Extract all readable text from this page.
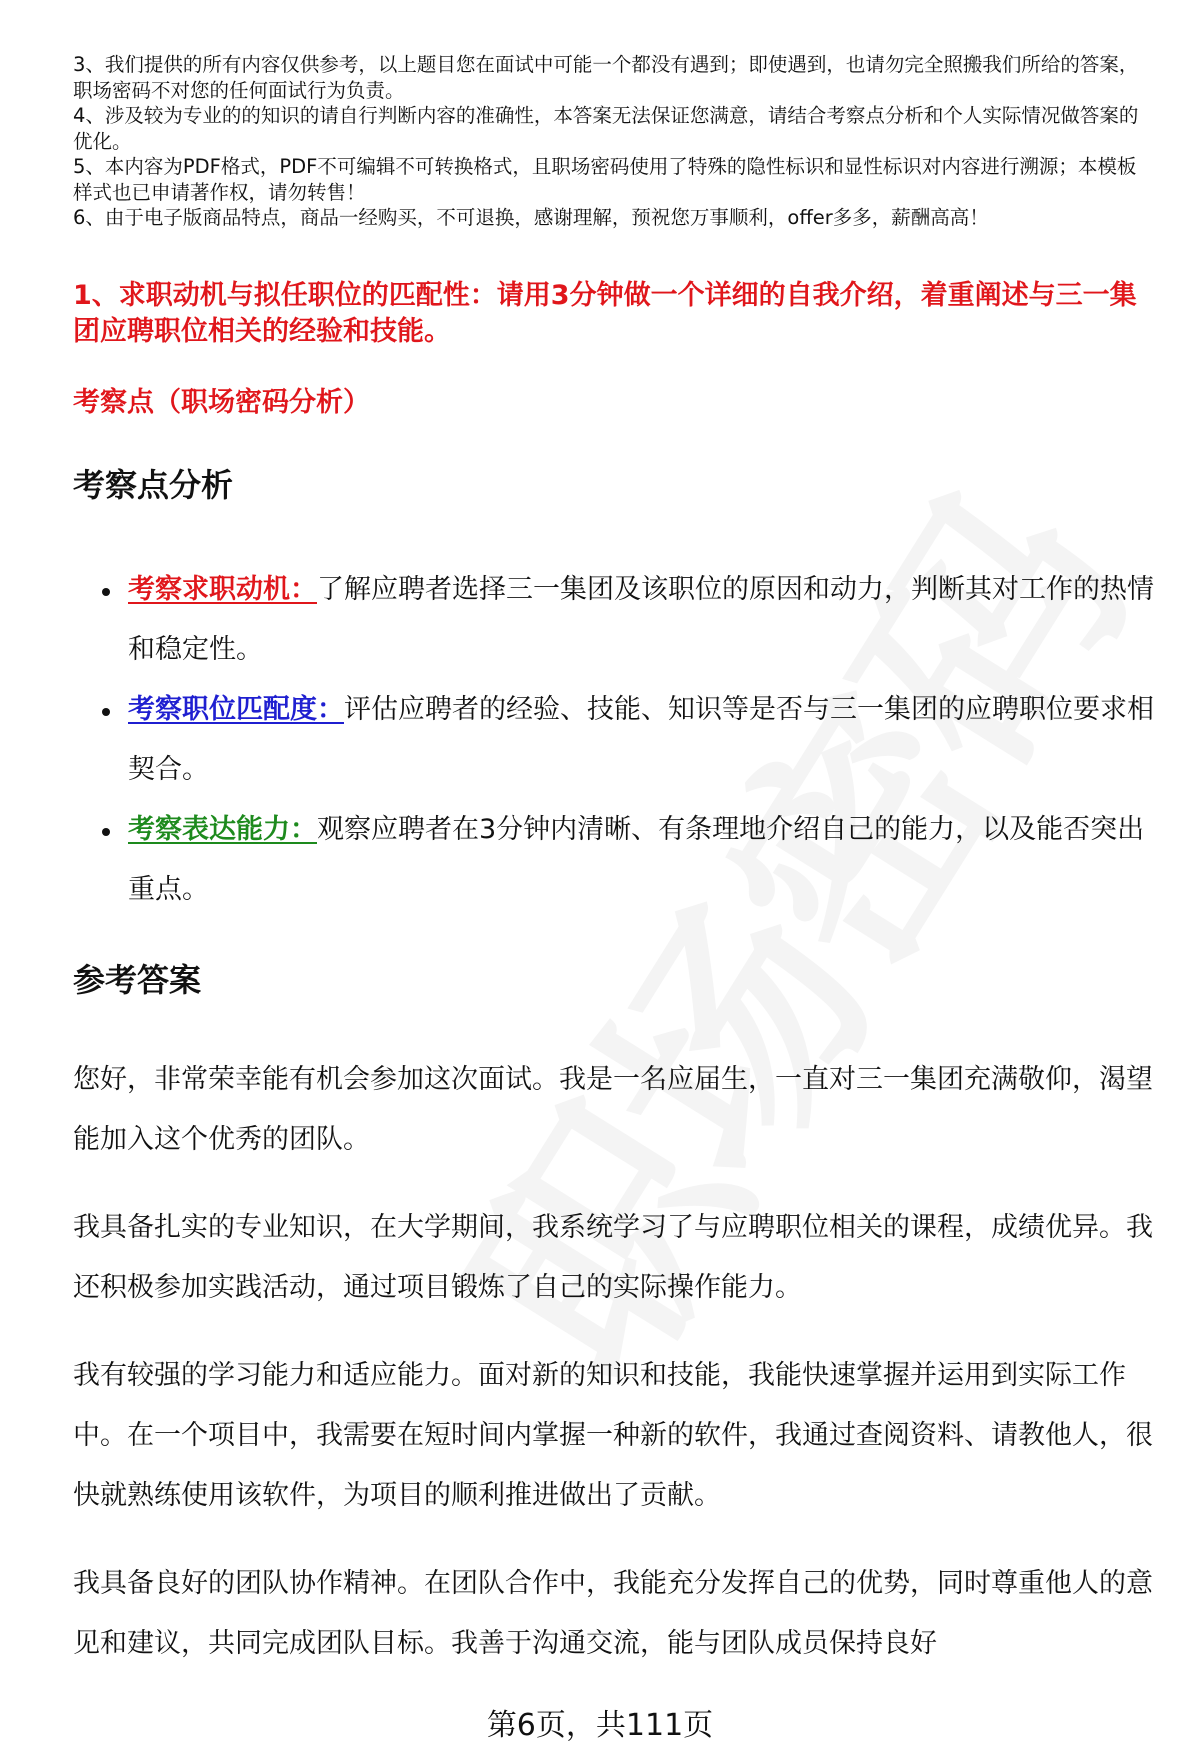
3、我们提供的所有内容仅供参考，以上题目您在面试中可能一个都没有遇到；即使遇到，也请勿完全照搬我们所给的答案，职场密码不对您的任何面试行为负责。
4、涉及较为专业的的知识的请自行判断内容的准确性，本答案无法保证您满意，请结合考察点分析和个人实际情况做答案的优化。
5、本内容为PDF格式，PDF不可编辑不可转换格式，且职场密码使用了特殊的隐性标识和显性标识对内容进行溯源；本模板样式也已申请著作权，请勿转售！
6、由于电子版商品特点，商品一经购买，不可退换，感谢理解，预祝您万事顺利，offer多多，薪酬高高！
1、求职动机与拟任职位的匹配性：请用3分钟做一个详细的自我介绍，着重阐述与三一集团应聘职位相关的经验和技能。
考察点（职场密码分析）
考察点分析
考察求职动机：了解应聘者选择三一集团及该职位的原因和动力，判断其对工作的热情和稳定性。
考察职位匹配度：评估应聘者的经验、技能、知识等是否与三一集团的应聘职位要求相契合。
考察表达能力：观察应聘者在3分钟内清晰、有条理地介绍自己的能力，以及能否突出重点。
参考答案
您好，非常荣幸能有机会参加这次面试。我是一名应届生，一直对三一集团充满敬仰，渴望能加入这个优秀的团队。
我具备扎实的专业知识，在大学期间，我系统学习了与应聘职位相关的课程，成绩优异。我还积极参加实践活动，通过项目锻炼了自己的实际操作能力。
我有较强的学习能力和适应能力。面对新的知识和技能，我能快速掌握并运用到实际工作中。在一个项目中，我需要在短时间内掌握一种新的软件，我通过查阅资料、请教他人，很快就熟练使用该软件，为项目的顺利推进做出了贡献。
我具备良好的团队协作精神。在团队合作中，我能充分发挥自己的优势，同时尊重他人的意见和建议，共同完成团队目标。我善于沟通交流，能与团队成员保持良好
第6页，共111页
